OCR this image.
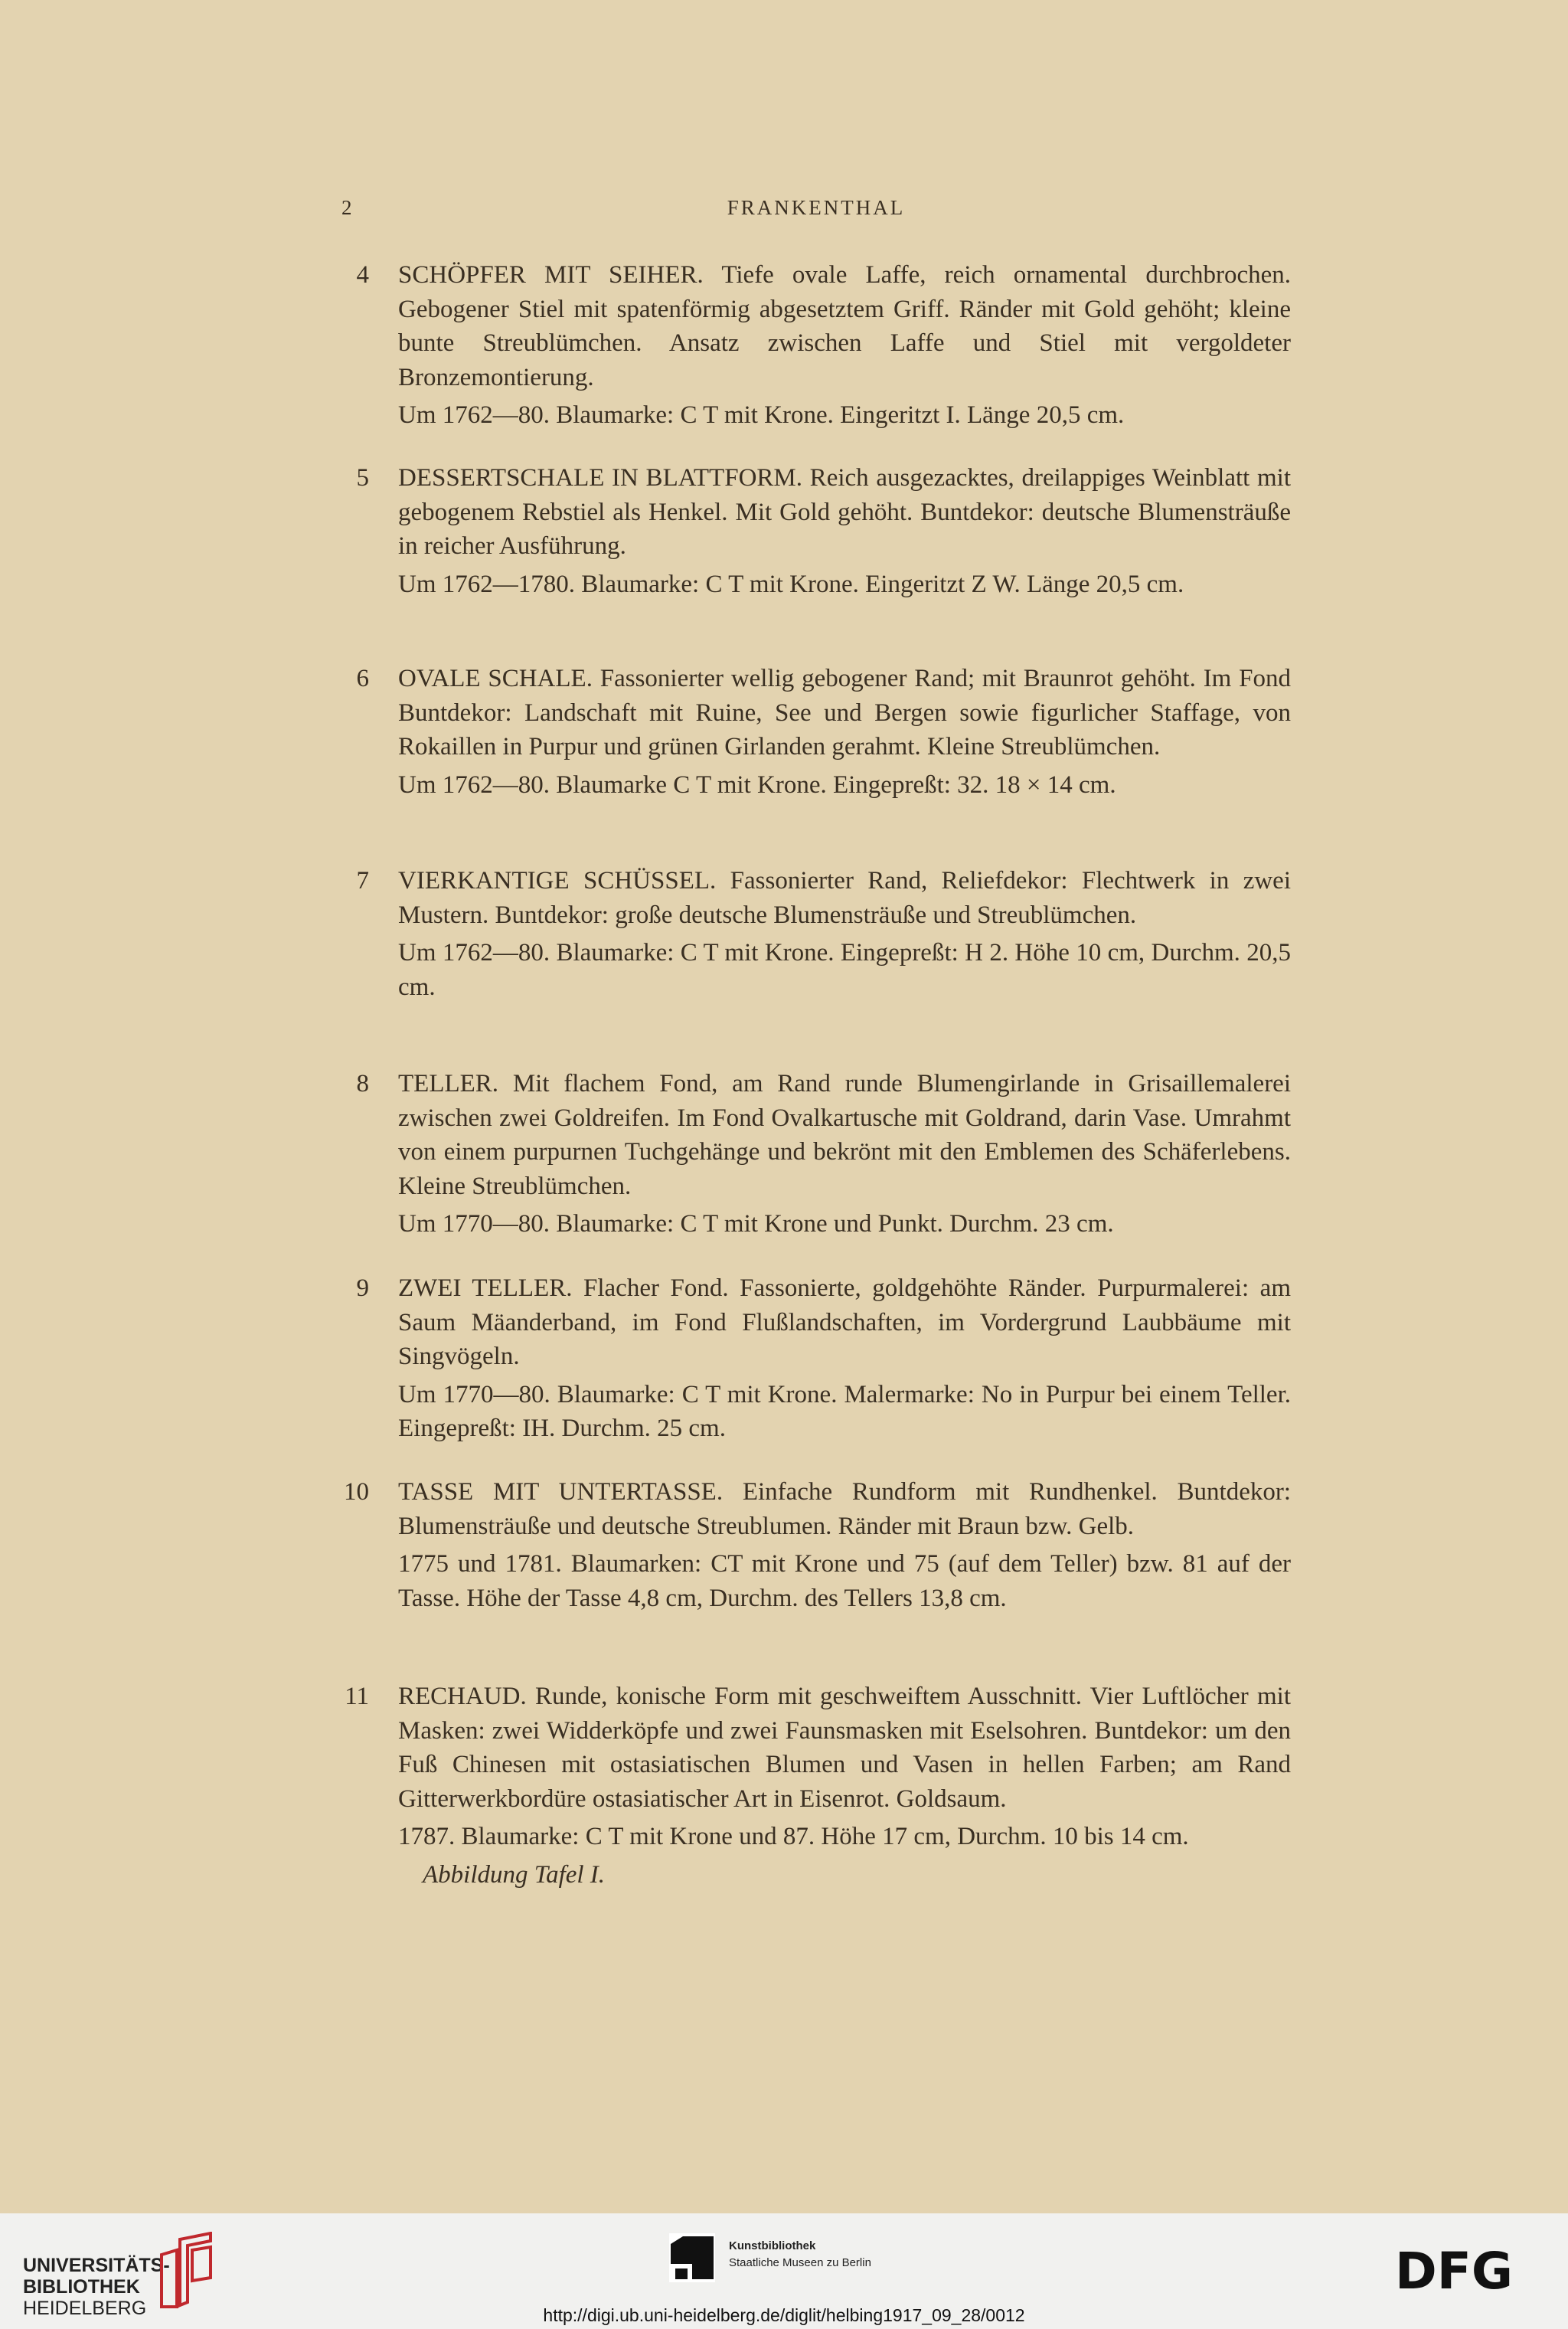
2	FRANKENTHAL
4 SCHÖPFER MIT SEIHER. Tiefe ovale Laffe, reich ornamental durchbrochen. Gebogener Stiel mit spatenförmig abgesetztem Griff. Ränder mit Gold gehöht; kleine bunte Streublümchen. Ansatz zwischen Laffe und Stiel mit vergoldeter Bronzemontierung.

Um 1762—80. Blaumarke: C T mit Krone. Eingeritzt I. Länge 20,5 cm.

5 DESSERTSCHALE IN BLATTFORM. Reich ausgezacktes, dreilappiges Weinblatt mit gebogenem Rebstiel als Henkel. Mit Gold gehöht. Buntdekor: deutsche Blumensträuße in reicher Ausführung.

Um 1762—1780. Blaumarke: C T mit Krone. Eingeritzt Z W. Länge 20,5 cm.

6 OVALE SCHALE. Fassonierter wellig gebogener Rand; mit Braunrot gehöht. Im Fond Buntdekor: Landschaft mit Ruine, See und Bergen sowie figurlicher Staffage, von Rokaillen in Purpur und grünen Girlanden gerahmt. Kleine Streublümchen.

Um 1762—80. Blaumarke C T mit Krone. Eingepreßt: 32. 18 × 14 cm.

7 VIERKANTIGE SCHÜSSEL. Fassonierter Rand, Reliefdekor: Flechtwerk in zwei Mustern. Buntdekor: große deutsche Blumensträuße und Streublümchen.

Um 1762—80. Blaumarke: C T mit Krone. Eingepreßt: H 2. Höhe 10 cm, Durchm. 20,5 cm.

8 TELLER. Mit flachem Fond, am Rand runde Blumengirlande in Grisaillemalerei zwischen zwei Goldreifen. Im Fond Ovalkartusche mit Goldrand, darin Vase. Umrahmt von einem purpurnen Tuchgehänge und bekrönt mit den Emblemen des Schäferlebens. Kleine Streublümchen.

Um 1770—80. Blaumarke: C T mit Krone und Punkt. Durchm. 23 cm.

9 ZWEI TELLER. Flacher Fond. Fassonierte, goldgehöhte Ränder. Purpurmalerei: am Saum Mäanderband, im Fond Flußlandschaften, im Vordergrund Laubbäume mit Singvögeln.

Um 1770—80. Blaumarke: C T mit Krone. Malermarke: No in Purpur bei einem Teller. Eingepreßt: IH. Durchm. 25 cm.

10 TASSE MIT UNTERTASSE. Einfache Rundform mit Rundhenkel. Buntdekor: Blumensträuße und deutsche Streublumen. Ränder mit Braun bzw. Gelb.

1775 und 1781. Blaumarken: CT mit Krone und 75 (auf dem Teller) bzw. 81 auf der Tasse. Höhe der Tasse 4,8 cm, Durchm. des Tellers 13,8 cm.

11 RECHAUD. Runde, konische Form mit geschweiftem Ausschnitt. Vier Luftlöcher mit Masken: zwei Widderköpfe und zwei Faunsmasken mit Eselsohren. Buntdekor: um den Fuß Chinesen mit ostasiatischen Blumen und Vasen in hellen Farben; am Rand Gitterwerkbordüre ostasiatischer Art in Eisenrot. Goldsaum.

1787. Blaumarke: C T mit Krone und 87. Höhe 17 cm, Durchm. 10 bis 14 cm.

Abbildung Tafel I.

UNIVERSITÄTS-
BIBLIOTHEK
HEIDELBERG
Kunstbibliothek
Staatliche Museen zu Berlin	DFG
http://digi.ub.uni-heidelberg.de/diglit/helbing1917_09_28/0012
